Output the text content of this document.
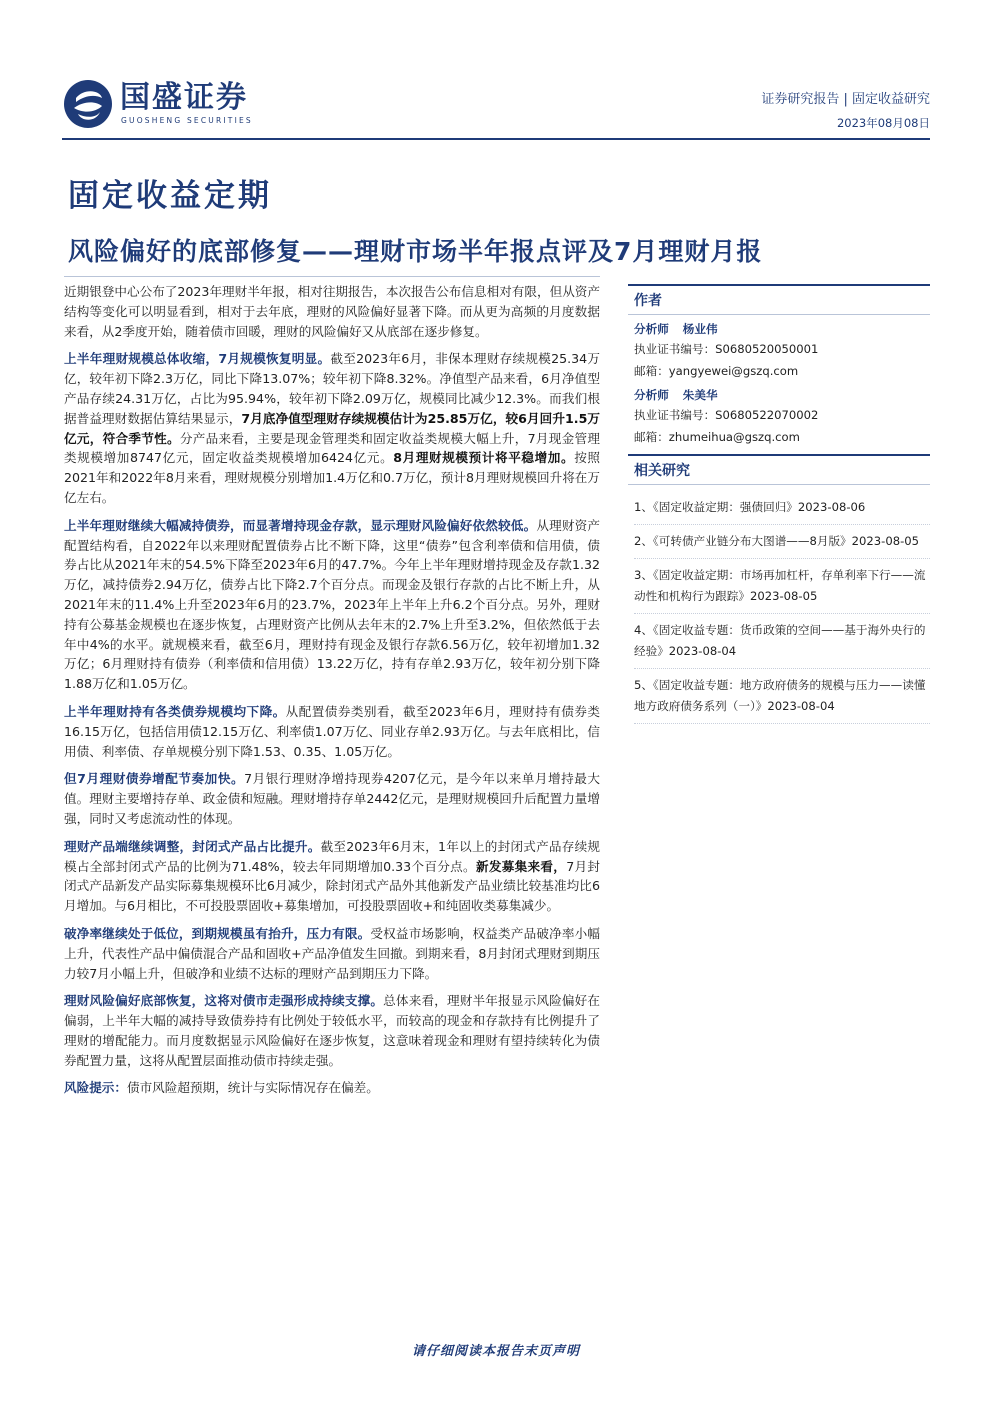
国盛证券
GUOSHENG SECURITIES
证券研究报告 | 固定收益研究
2023年08月08日
固定收益定期
风险偏好的底部修复——理财市场半年报点评及7月理财月报

近期银登中心公布了2023年理财半年报，相对往期报告，本次报告公布信息相对有限，但从资产结构等变化可以明显看到，相对于去年底，理财的风险偏好显著下降。而从更为高频的月度数据来看，从2季度开始，随着债市回暖，理财的风险偏好又从底部在逐步修复。

上半年理财规模总体收缩，7月规模恢复明显。截至2023年6月，非保本理财存续规模25.34万亿，较年初下降2.3万亿，同比下降13.07%；较年初下降8.32%。净值型产品来看，6月净值型产品存续24.31万亿，占比为95.94%，较年初下降2.09万亿，规模同比减少12.3%。而我们根据普益理财数据估算结果显示，7月底净值型理财存续规模估计为25.85万亿，较6月回升1.5万亿元，符合季节性。分产品来看，主要是现金管理类和固定收益类规模大幅上升，7月现金管理类规模增加8747亿元，固定收益类规模增加6424亿元。8月理财规模预计将平稳增加。按照2021年和2022年8月来看，理财规模分别增加1.4万亿和0.7万亿，预计8月理财规模回升将在万亿左右。

上半年理财继续大幅减持债券，而显著增持现金存款，显示理财风险偏好依然较低。从理财资产配置结构看，自2022年以来理财配置债券占比不断下降，这里“债券”包含利率债和信用债，债券占比从2021年末的54.5%下降至2023年6月的47.7%。今年上半年理财增持现金及存款1.32万亿，减持债券2.94万亿，债券占比下降2.7个百分点。而现金及银行存款的占比不断上升，从2021年末的11.4%上升至2023年6月的23.7%，2023年上半年上升6.2个百分点。另外，理财持有公募基金规模也在逐步恢复，占理财资产比例从去年末的2.7%上升至3.2%，但依然低于去年中4%的水平。就规模来看，截至6月，理财持有现金及银行存款6.56万亿，较年初增加1.32万亿；6月理财持有债券（利率债和信用债）13.22万亿，持有存单2.93万亿，较年初分别下降1.88万亿和1.05万亿。

上半年理财持有各类债券规模均下降。从配置债券类别看，截至2023年6月，理财持有债券类16.15万亿，包括信用债12.15万亿、利率债1.07万亿、同业存单2.93万亿。与去年底相比，信用债、利率债、存单规模分别下降1.53、0.35、1.05万亿。

但7月理财债券增配节奏加快。7月银行理财净增持现券4207亿元，是今年以来单月增持最大值。理财主要增持存单、政金债和短融。理财增持存单2442亿元，是理财规模回升后配置力量增强，同时又考虑流动性的体现。

理财产品端继续调整，封闭式产品占比提升。截至2023年6月末，1年以上的封闭式产品存续规模占全部封闭式产品的比例为71.48%，较去年同期增加0.33个百分点。新发募集来看，7月封闭式产品新发产品实际募集规模环比6月减少，除封闭式产品外其他新发产品业绩比较基准均比6月增加。与6月相比，不可投股票固收+募集增加，可投股票固收+和纯固收类募集减少。

破净率继续处于低位，到期规模虽有抬升，压力有限。受权益市场影响，权益类产品破净率小幅上升，代表性产品中偏债混合产品和固收+产品净值发生回撤。到期来看，8月封闭式理财到期压力较7月小幅上升，但破净和业绩不达标的理财产品到期压力下降。

理财风险偏好底部恢复，这将对债市走强形成持续支撑。总体来看，理财半年报显示风险偏好在偏弱，上半年大幅的减持导致债券持有比例处于较低水平，而较高的现金和存款持有比例提升了理财的增配能力。而月度数据显示风险偏好在逐步恢复，这意味着现金和理财有望持续转化为债券配置力量，这将从配置层面推动债市持续走强。

风险提示：债市风险超预期，统计与实际情况存在偏差。

作者
分析师 杨业伟
执业证书编号：S0680520050001
邮箱：yangyewei@gszq.com
分析师 朱美华
执业证书编号：S0680522070002
邮箱：zhumeihua@gszq.com
相关研究
1、《固定收益定期：强债回归》2023-08-06
2、《可转债产业链分布大图谱——8月版》2023-08-05
3、《固定收益定期：市场再加杠杆，存单利率下行——流动性和机构行为跟踪》2023-08-05
4、《固定收益专题：货币政策的空间——基于海外央行的经验》2023-08-04
5、《固定收益专题：地方政府债务的规模与压力——读懂地方政府债务系列（一）》2023-08-04
请仔细阅读本报告末页声明
